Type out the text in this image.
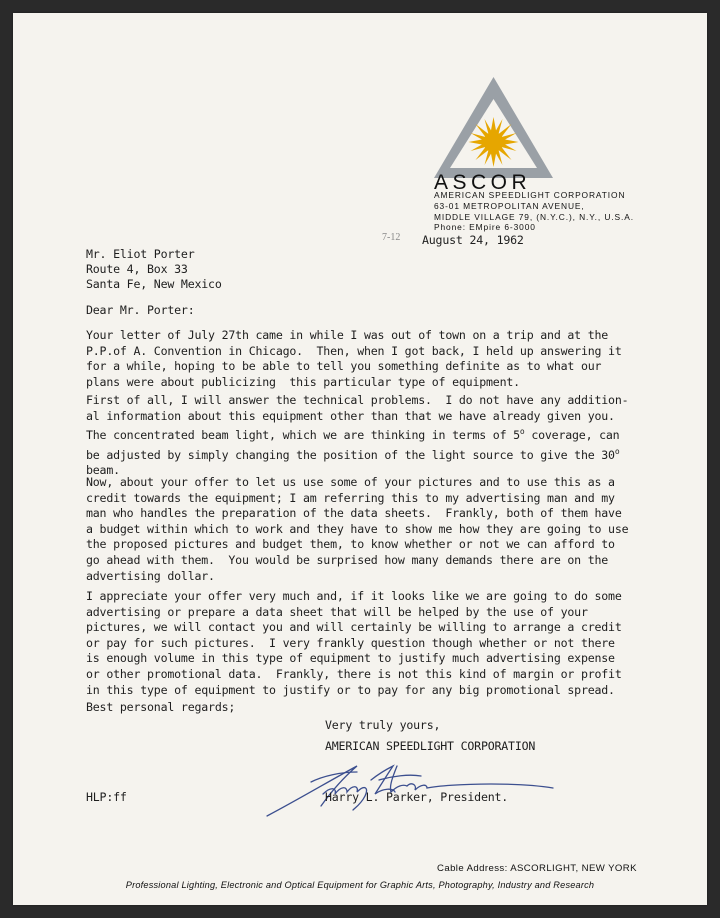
ASCOR
AMERICAN SPEEDLIGHT CORPORATION
63-01 METROPOLITAN AVENUE,
MIDDLE VILLAGE 79, (N.Y.C.), N.Y., U.S.A.
Phone: EMpire 6-3000
7-12 August 24, 1962
Mr. Eliot Porter
Route 4, Box 33
Santa Fe, New Mexico
Dear Mr. Porter:
Your letter of July 27th came in while I was out of town on a trip and at the
P.P.of A. Convention in Chicago.  Then, when I got back, I held up answering it
for a while, hoping to be able to tell you something definite as to what our
plans were about publicizing  this particular type of equipment.
First of all, I will answer the technical problems.  I do not have any addition-
al information about this equipment other than that we have already given you.
The concentrated beam light, which we are thinking in terms of 5$^o$ coverage, can
be adjusted by simply changing the position of the light source to give the 30$^o$
beam.
Now, about your offer to let us use some of your pictures and to use this as a
credit towards the equipment; I am referring this to my advertising man and my
man who handles the preparation of the data sheets.  Frankly, both of them have
a budget within which to work and they have to show me how they are going to use
the proposed pictures and budget them, to know whether or not we can afford to
go ahead with them.  You would be surprised how many demands there are on the
advertising dollar.
I appreciate your offer very much and, if it looks like we are going to do some
advertising or prepare a data sheet that will be helped by the use of your
pictures, we will contact you and will certainly be willing to arrange a credit
or pay for such pictures.  I very frankly question though whether or not there
is enough volume in this type of equipment to justify much advertising expense
or other promotional data.  Frankly, there is not this kind of margin or profit
in this type of equipment to justify or to pay for any big promotional spread.
Best personal regards;
Very truly yours,
AMERICAN SPEEDLIGHT CORPORATION
Harry L. Parker, President.
HLP:ff
Cable Address: ASCORLIGHT, NEW YORK
Professional Lighting, Electronic and Optical Equipment for Graphic Arts, Photography, Industry and Research
